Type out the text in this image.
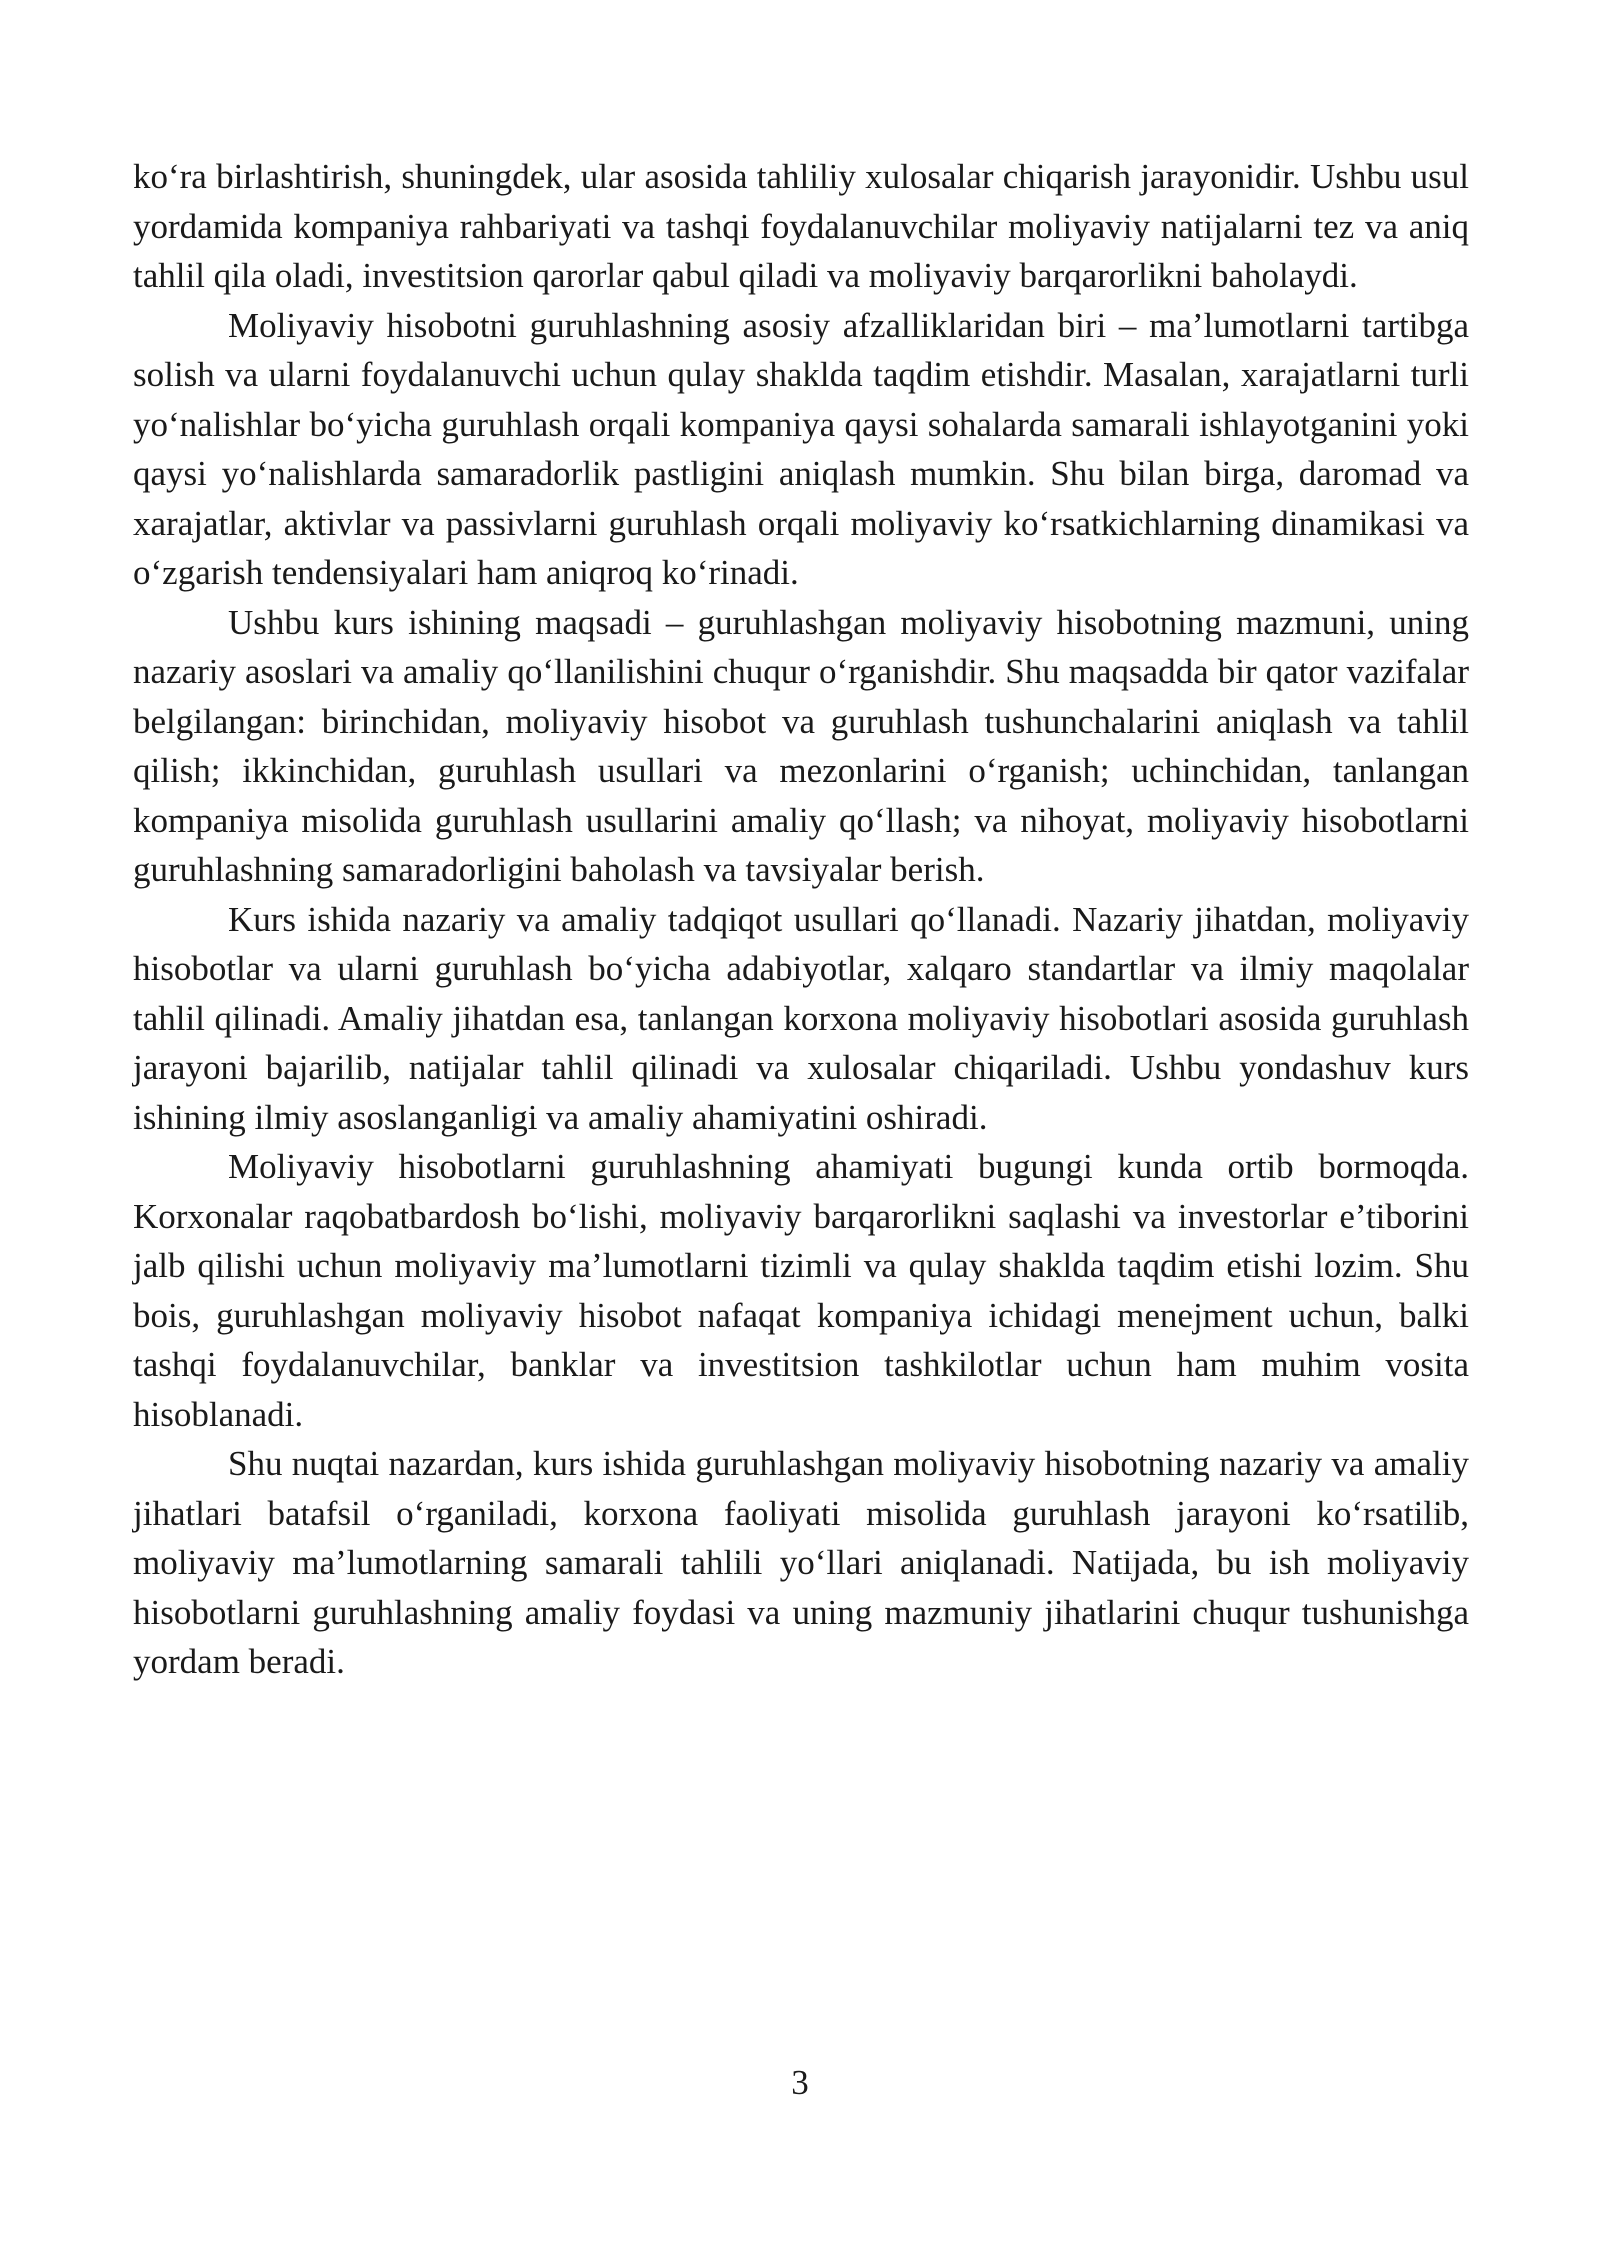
ko‘ra birlashtirish, shuningdek, ular asosida tahliliy xulosalar chiqarish jarayonidir. Ushbu usul yordamida kompaniya rahbariyati va tashqi foydalanuvchilar moliyaviy natijalarni tez va aniq tahlil qila oladi, investitsion qarorlar qabul qiladi va moliyaviy barqarorlikni baholaydi.

Moliyaviy hisobotni guruhlashning asosiy afzalliklaridan biri – ma’lumotlarni tartibga solish va ularni foydalanuvchi uchun qulay shaklda taqdim etishdir. Masalan, xarajatlarni turli yo‘nalishlar bo‘yicha guruhlash orqali kompaniya qaysi sohalarda samarali ishlayotganini yoki qaysi yo‘nalishlarda samaradorlik pastligini aniqlash mumkin. Shu bilan birga, daromad va xarajatlar, aktivlar va passivlarni guruhlash orqali moliyaviy ko‘rsatkichlarning dinamikasi va o‘zgarish tendensiyalari ham aniqroq ko‘rinadi.

Ushbu kurs ishining maqsadi – guruhlashgan moliyaviy hisobotning mazmuni, uning nazariy asoslari va amaliy qo‘llanilishini chuqur o‘rganishdir. Shu maqsadda bir qator vazifalar belgilangan: birinchidan, moliyaviy hisobot va guruhlash tushunchalarini aniqlash va tahlil qilish; ikkinchidan, guruhlash usullari va mezonlarini o‘rganish; uchinchidan, tanlangan kompaniya misolida guruhlash usullarini amaliy qo‘llash; va nihoyat, moliyaviy hisobotlarni guruhlashning samaradorligini baholash va tavsiyalar berish.

Kurs ishida nazariy va amaliy tadqiqot usullari qo‘llanadi. Nazariy jihatdan, moliyaviy hisobotlar va ularni guruhlash bo‘yicha adabiyotlar, xalqaro standartlar va ilmiy maqolalar tahlil qilinadi. Amaliy jihatdan esa, tanlangan korxona moliyaviy hisobotlari asosida guruhlash jarayoni bajarilib, natijalar tahlil qilinadi va xulosalar chiqariladi. Ushbu yondashuv kurs ishining ilmiy asoslanganligi va amaliy ahamiyatini oshiradi.

Moliyaviy hisobotlarni guruhlashning ahamiyati bugungi kunda ortib bormoqda. Korxonalar raqobatbardosh bo‘lishi, moliyaviy barqarorlikni saqlashi va investorlar e’tiborini jalb qilishi uchun moliyaviy ma’lumotlarni tizimli va qulay shaklda taqdim etishi lozim. Shu bois, guruhlashgan moliyaviy hisobot nafaqat kompaniya ichidagi menejment uchun, balki tashqi foydalanuvchilar, banklar va investitsion tashkilotlar uchun ham muhim vosita hisoblanadi.

Shu nuqtai nazardan, kurs ishida guruhlashgan moliyaviy hisobotning nazariy va amaliy jihatlari batafsil o‘rganiladi, korxona faoliyati misolida guruhlash jarayoni ko‘rsatilib, moliyaviy ma’lumotlarning samarali tahlili yo‘llari aniqlanadi. Natijada, bu ish moliyaviy hisobotlarni guruhlashning amaliy foydasi va uning mazmuniy jihatlarini chuqur tushunishga yordam beradi.

3
